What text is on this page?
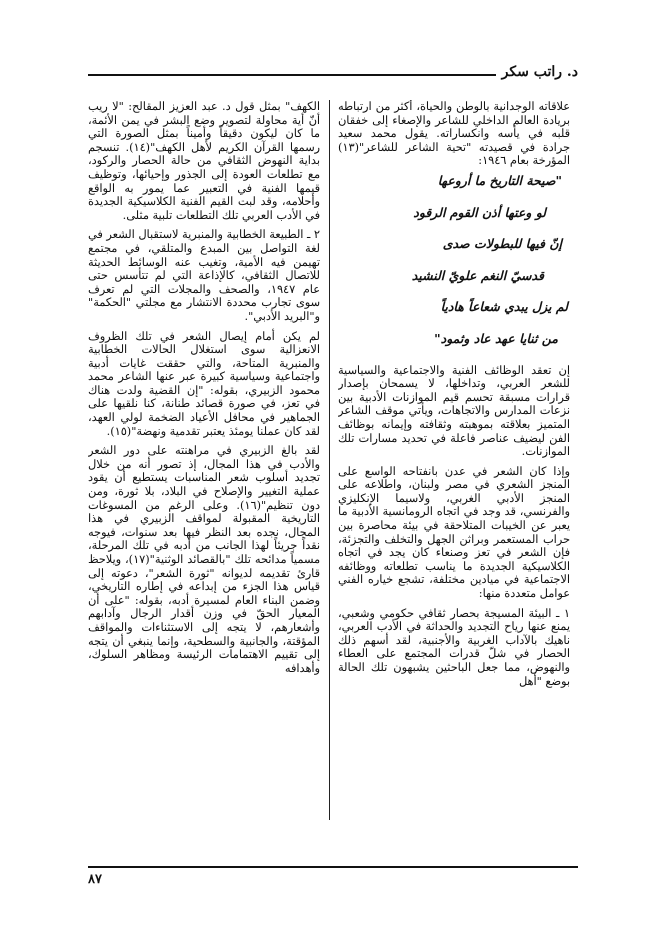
د. راتب سكر

علاقاته الوجدانية بالوطن والحياة، أكثر من ارتباطه بريادة العالم الداخلي للشاعر والإصغاء إلى خفقان قلبه في يأسه وانكساراته. يقول محمد سعيد جرادة في قصيدته "تحية الشاعر للشاعر"(١٣) المؤرخة بعام ١٩٤٦:

"صيحة التاريخ ما أروعها
لو وعتها أذن القوم الرقود
إنّ فيها للبطولات صدى
قدسيّ النغم علويّ النشيد
لم يزل يبدي شعاعاً هادياً
من ثنايا عهد عاد وثمود"

إن تعقد الوظائف الفنية والاجتماعية والسياسية للشعر العربي، وتداخلها، لا يسمحان بإصدار قرارات مسبقة تحسم قيم الموازنات الأدبية بين نزعات المدارس والاتجاهات، ويأتي موقف الشاعر المتميز بعلاقته بموهبته وثقافته وإيمانه بوظائف الفن ليضيف عناصر فاعلة في تحديد مسارات تلك الموازنات.

وإذا كان الشعر في عدن بانفتاحه الواسع على المنجز الشعري في مصر ولبنان، واطلاعه على المنجز الأدبي الغربي، ولاسيما الإنكليزي والفرنسي، قد وجد في اتجاه الرومانسية الأدبية ما يعبر عن الخيبات المتلاحقة في بيئة محاصرة بين حراب المستعمر وبراثن الجهل والتخلف والتجزئة، فإن الشعر في تعز وصنعاء كان يجد في اتجاه الكلاسيكية الجديدة ما يناسب تطلعاته ووظائفه الاجتماعية في ميادين مختلفة، تشجع خياره الفني عوامل متعددة منها:

١ ـ البيئة المسيجة بحصار ثقافي حكومي وشعبي، يمنع عنها رياح التجديد والحداثة في الأدب العربي، ناهيك بالآداب الغربية والأجنبية، لقد أسهم ذلك الحصار في شلّ قدرات المجتمع على العطاء والنهوض، مما جعل الباحثين يشبهون تلك الحالة بوضع "أهل

الكهف" بمثل قول د. عبد العزيز المقالح: "لا ريب أنّ أية محاولة لتصوير وضع البشر في يمن الأئمة، ما كان ليكون دقيقاً وأميناً بمثل الصورة التي رسمها القرآن الكريم لأهل الكهف"(١٤). تنسجم بداية النهوض الثقافي من حالة الحصار والركود، مع تطلعات العودة إلى الجذور وإحيائها، وتوظيف قيمها الفنية في التعبير عما يمور به الواقع وأحلامه، وقد لبت القيم الفنية الكلاسيكية الجديدة في الأدب العربي تلك التطلعات تلبية مثلى.

٢ ـ الطبيعة الخطابية والمنبرية لاستقبال الشعر في لغة التواصل بين المبدع والمتلقي، في مجتمع تهيمن فيه الأمية، وتغيب عنه الوسائط الحديثة للاتصال الثقافي، كالإذاعة التي لم تتأسس حتى عام ١٩٤٧، والصحف والمجلات التي لم تعرف سوى تجارب محددة الانتشار مع مجلتي "الحكمة" و"البريد الأدبي".

لم يكن أمام إيصال الشعر في تلك الظروف الانعزالية سوى استغلال الحالات الخطابية والمنبرية المتاحة، والتي حققت غايات أدبية واجتماعية وسياسية كبيرة عبر عنها الشاعر محمد محمود الزبيري، بقوله: "إن القضية ولدت هناك في تعز، في صورة قصائد طنانة، كنا نلقيها على الجماهير في محافل الأعياد الضخمة لولي العهد، لقد كان عملنا يومئذ يعتبر تقدمية ونهضة"(١٥).

لقد بالغ الزبيري في مراهنته على دور الشعر والأدب في هذا المجال، إذ تصور أنه من خلال تجديد أسلوب شعر المناسبات يستطيع أن يقود عملية التغيير والإصلاح في البلاد، بلا ثورة، ومن دون تنظيم"(١٦). وعلى الرغم من المسوغات التاريخية المقبولة لمواقف الزبيري في هذا المجال، نجده بعد النظر فيها بعد سنوات، فيوجه نقداً جريئاً لهذا الجانب من أدبه في تلك المرحلة، مسمياً مدائحه تلك "بالقصائد الوثنية"(١٧)، ويلاحظ قارئ تقديمه لديوانه "ثورة الشعر"، دعوته إلى قياس هذا الجزء من إبداعه في إطاره التاريخي، وضمن البناء العام لمسيرة أدبه، بقوله: "على أن المعيار الحقّ في وزن أقدار الرجال وآدابهم وأشعارهم، لا يتجه إلى الاستثناءات والمواقف المؤقتة، والجانبية والسطحية، وإنما ينبغي أن يتجه إلى تقييم الاهتمامات الرئيسة ومظاهر السلوك، وأهدافه

٨٧
